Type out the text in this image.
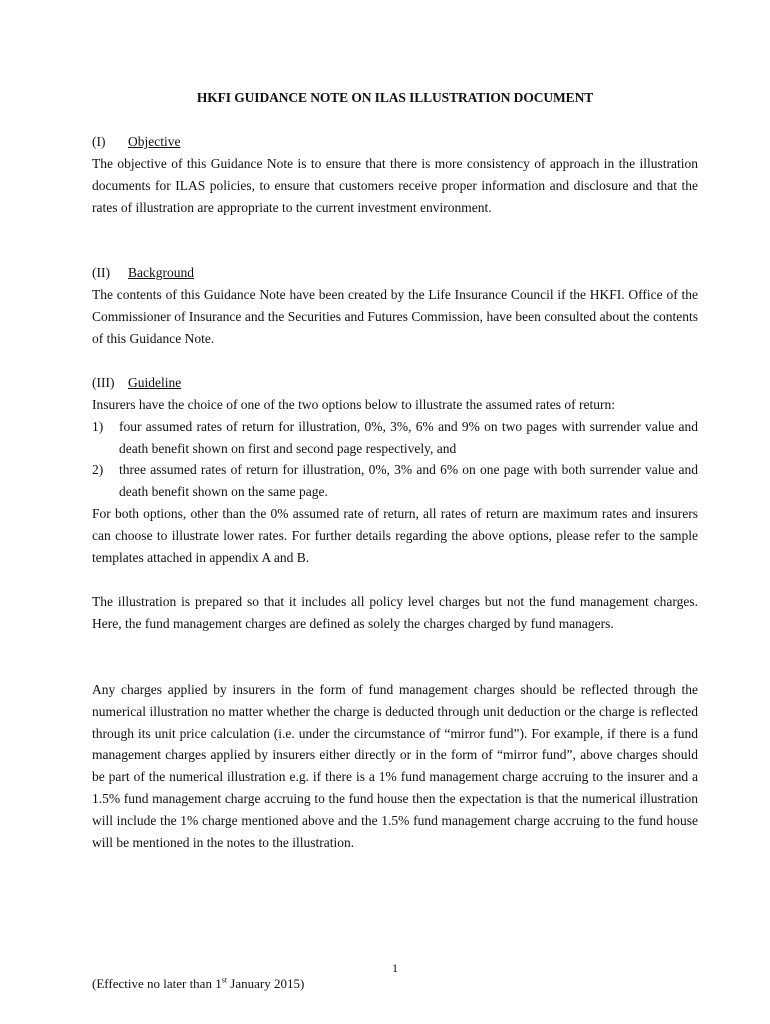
HKFI GUIDANCE NOTE ON ILAS ILLUSTRATION DOCUMENT
(I) Objective

The objective of this Guidance Note is to ensure that there is more consistency of approach in the illustration documents for ILAS policies, to ensure that customers receive proper information and disclosure and that the rates of illustration are appropriate to the current investment environment.

(II) Background

The contents of this Guidance Note have been created by the Life Insurance Council if the HKFI. Office of the Commissioner of Insurance and the Securities and Futures Commission, have been consulted about the contents of this Guidance Note.

(III) Guideline

Insurers have the choice of one of the two options below to illustrate the assumed rates of return:

1) four assumed rates of return for illustration, 0%, 3%, 6% and 9% on two pages with surrender value and death benefit shown on first and second page respectively, and
2) three assumed rates of return for illustration, 0%, 3% and 6% on one page with both surrender value and death benefit shown on the same page.

For both options, other than the 0% assumed rate of return, all rates of return are maximum rates and insurers can choose to illustrate lower rates. For further details regarding the above options, please refer to the sample templates attached in appendix A and B.

The illustration is prepared so that it includes all policy level charges but not the fund management charges. Here, the fund management charges are defined as solely the charges charged by fund managers.

Any charges applied by insurers in the form of fund management charges should be reflected through the numerical illustration no matter whether the charge is deducted through unit deduction or the charge is reflected through its unit price calculation (i.e. under the circumstance of “mirror fund”). For example, if there is a fund management charges applied by insurers either directly or in the form of “mirror fund”, above charges should be part of the numerical illustration e.g. if there is a 1% fund management charge accruing to the insurer and a 1.5% fund management charge accruing to the fund house then the expectation is that the numerical illustration will include the 1% charge mentioned above and the 1.5% fund management charge accruing to the fund house will be mentioned in the notes to the illustration.

1
(Effective no later than 1st January 2015)
